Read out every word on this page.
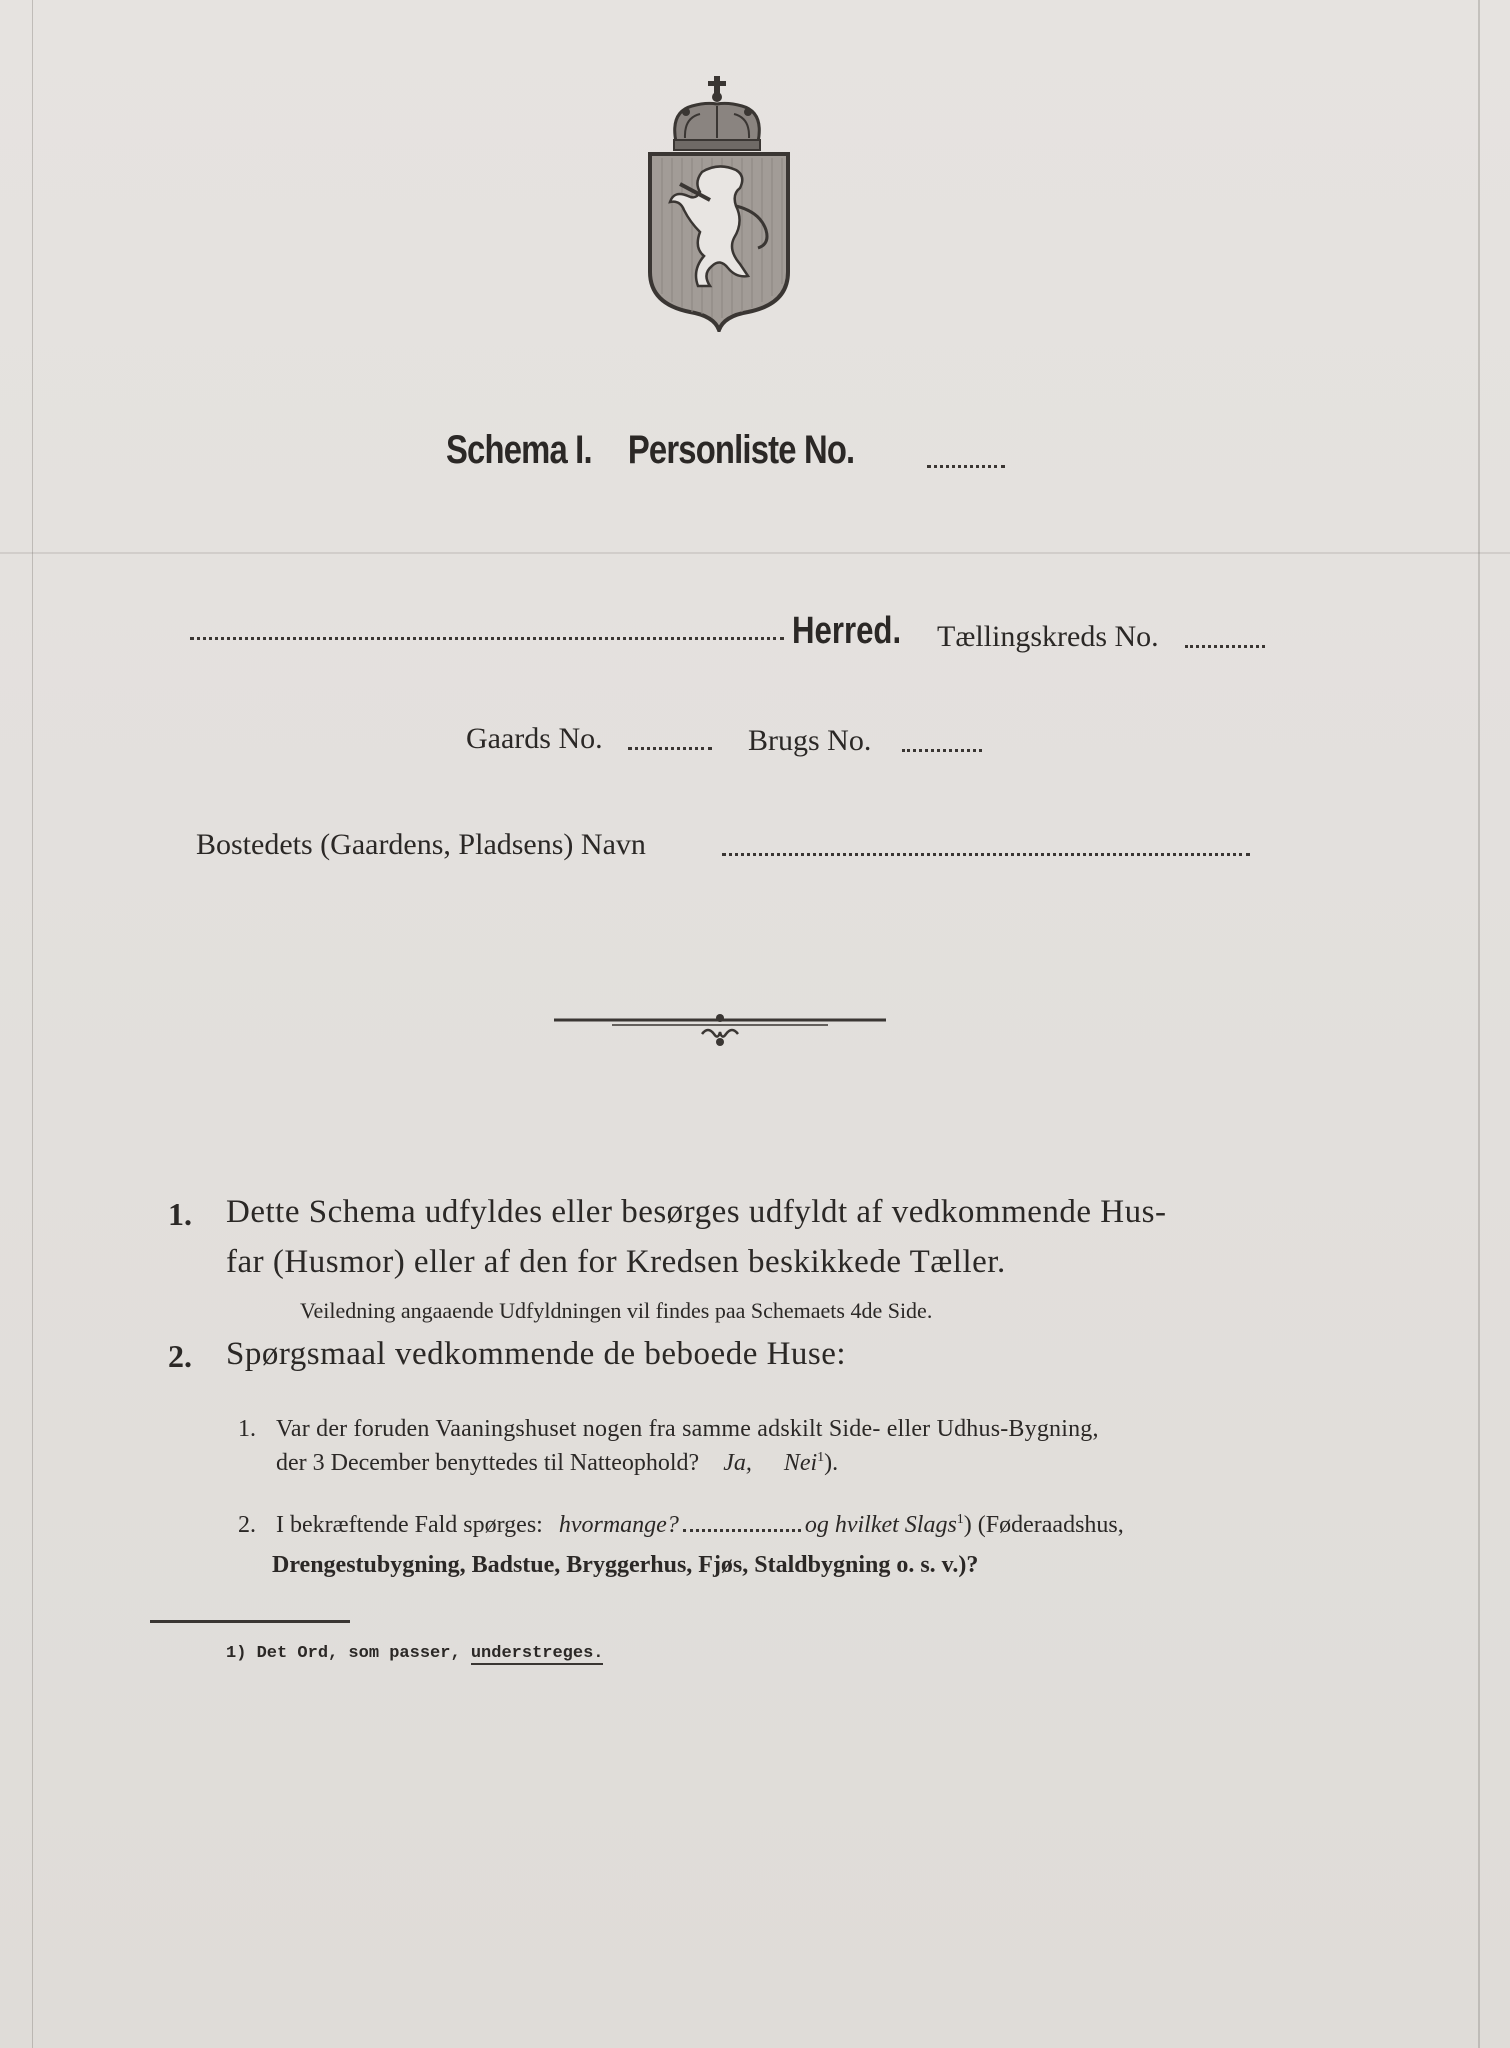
Schema I. Personliste No.
Herred. Tællingskreds No.
Gaards No.	Brugs No.
Bostedets (Gaardens, Pladsens) Navn
1. Dette Schema udfyldes eller besørges udfyldt af vedkommende Hus-
far (Husmor) eller af den for Kredsen beskikkede Tæller.
Veiledning angaaende Udfyldningen vil findes paa Schemaets 4de Side.
2. Spørgsmaal vedkommende de beboede Huse:
1. Var der foruden Vaaningshuset nogen fra samme adskilt Side- eller Udhus-Bygning,
der 3 December benyttedes til Natteophold? Ja, Nei$^1$).
2. I bekræftende Fald spørges: hvormange?	og hvilket Slags$^1$) (Føderaadshus,
Drengestubygning, Badstue, Bryggerhus, Fjøs, Staldbygning o. s. v.)?
1) Det Ord, som passer, understreges.
